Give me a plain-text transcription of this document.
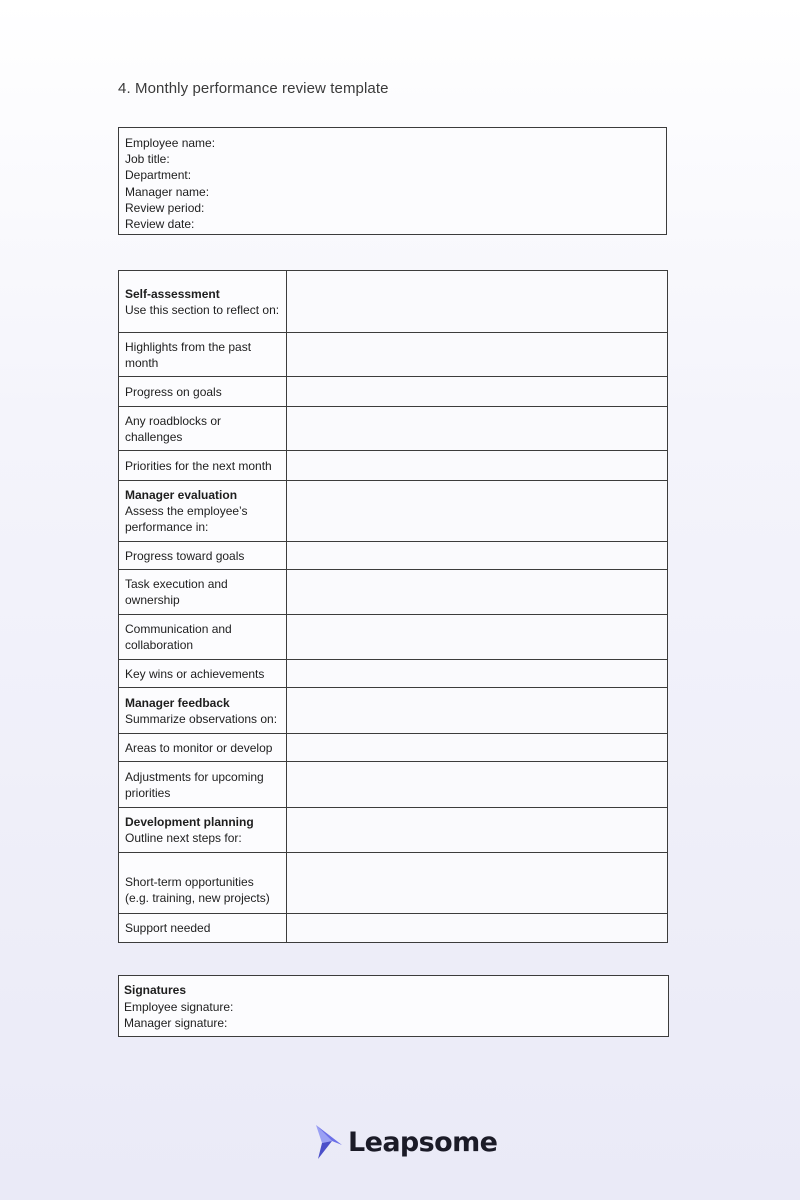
4. Monthly performance review template
Employee name:
Job title:
Department:
Manager name:
Review period:
Review date:
Self-assessment
Use this section to reflect on:	

Highlights from the past month	
Progress on goals	
Any roadblocks or challenges	
Priorities for the next month	

Manager evaluation
Assess the employee’s performance in:	

Progress toward goals	
Task execution and ownership	
Communication and collaboration	
Key wins or achievements	

Manager feedback
Summarize observations on:	

Areas to monitor or develop	
Adjustments for upcoming priorities	

Development planning
Outline next steps for:	

Short-term opportunities (e.g. training, new projects)	
Support needed	
Signatures
Employee signature:
Manager signature:
Leapsome
